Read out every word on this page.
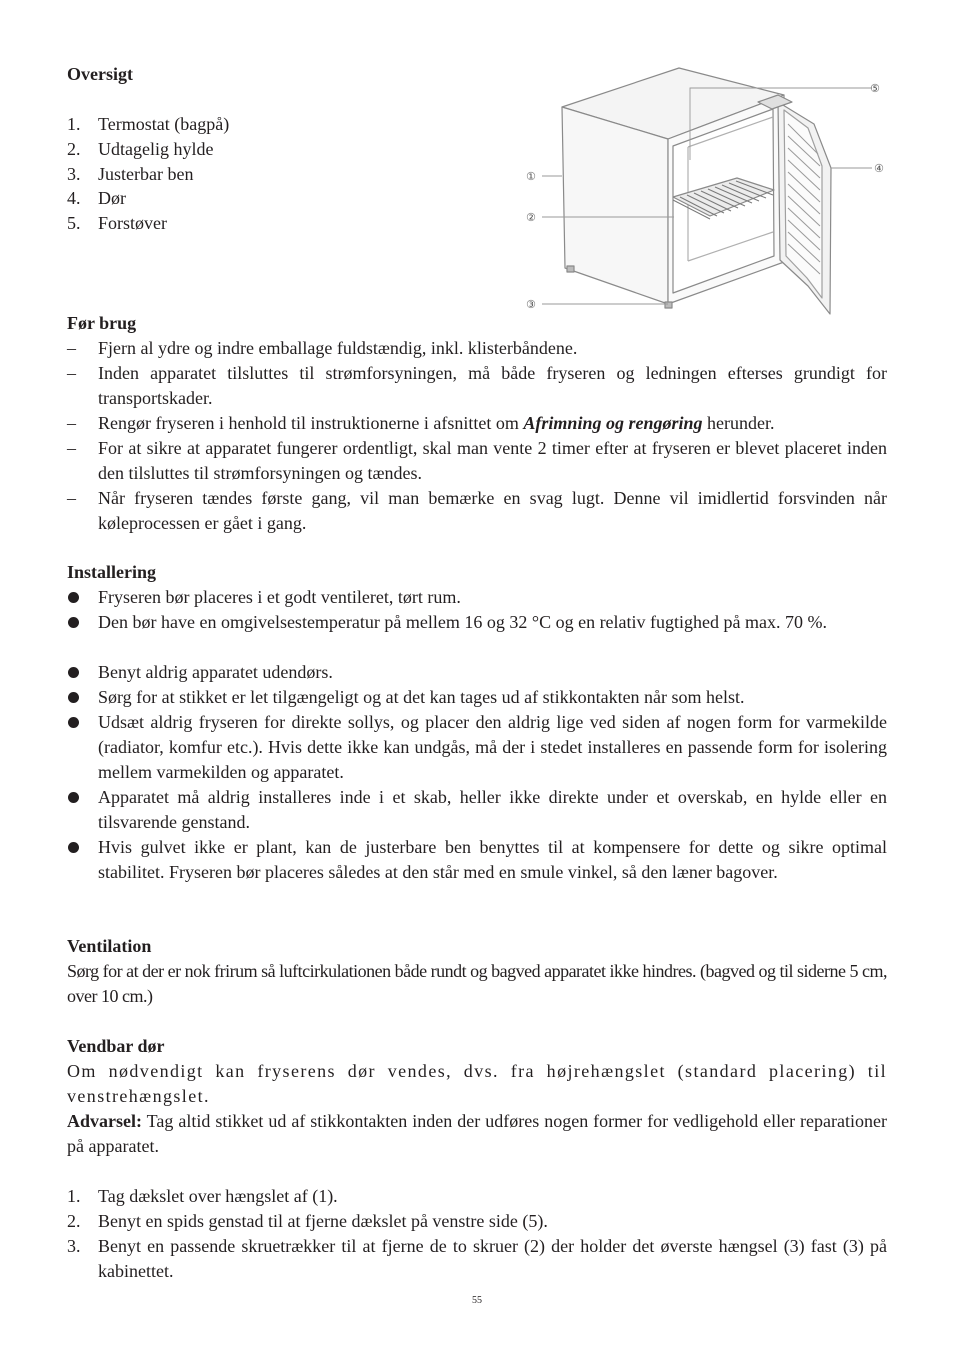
Oversigt
1. Termostat (bagpå)
2. Udtagelig hylde
3. Justerbar ben
4. Dør
5. Forstøver
①
②
③
④
⑤
Før brug
–	Fjern al ydre og indre emballage fuldstændig, inkl. klisterbåndene.
–	Inden apparatet tilsluttes til strømforsyningen, må både fryseren og ledningen efterses grundigt for transportskader.
–	Rengør fryseren i henhold til instruktionerne i afsnittet om Afrimning og rengøring herunder.
–	For at sikre at apparatet fungerer ordentligt, skal man vente 2 timer efter at fryseren er blevet placeret inden den tilsluttes til strømforsyningen og tændes.
–	Når fryseren tændes første gang, vil man bemærke en svag lugt. Denne vil imidlertid forsvinden når køleprocessen er gået i gang.
Installering
Fryseren bør placeres i et godt ventileret, tørt rum.
Den bør have en omgivelsestemperatur på mellem 16 og 32 °C og en relativ fugtighed på max. 70 %.
Benyt aldrig apparatet udendørs.
Sørg for at stikket er let tilgængeligt og at det kan tages ud af stikkontakten når som helst.
Udsæt aldrig fryseren for direkte sollys, og placer den aldrig lige ved siden af nogen form for varmekilde (radiator, komfur etc.). Hvis dette ikke kan undgås, må der i stedet installeres en passende form for isolering mellem varmekilden og apparatet.
Apparatet må aldrig installeres inde i et skab, heller ikke direkte under et overskab, en hylde eller en tilsvarende genstand.
Hvis gulvet ikke er plant, kan de justerbare ben benyttes til at kompensere for dette og sikre optimal stabilitet. Fryseren bør placeres således at den står med en smule vinkel, så den læner bagover.
Ventilation

Sørg for at der er nok frirum så luftcirkulationen både rundt og bagved apparatet ikke hindres. (bagved og til siderne 5 cm, over 10 cm.)

Vendbar dør

Om nødvendigt kan fryserens dør vendes, dvs. fra højrehængslet (standard placering) til venstrehængslet.

Advarsel: Tag altid stikket ud af stikkontakten inden der udføres nogen former for vedligehold eller reparationer på apparatet.

1. Tag dækslet over hængslet af (1).
2. Benyt en spids genstad til at fjerne dækslet på venstre side (5).
3. Benyt en passende skruetrækker til at fjerne de to skruer (2) der holder det øverste hængsel (3) fast (3) på kabinettet.
55
